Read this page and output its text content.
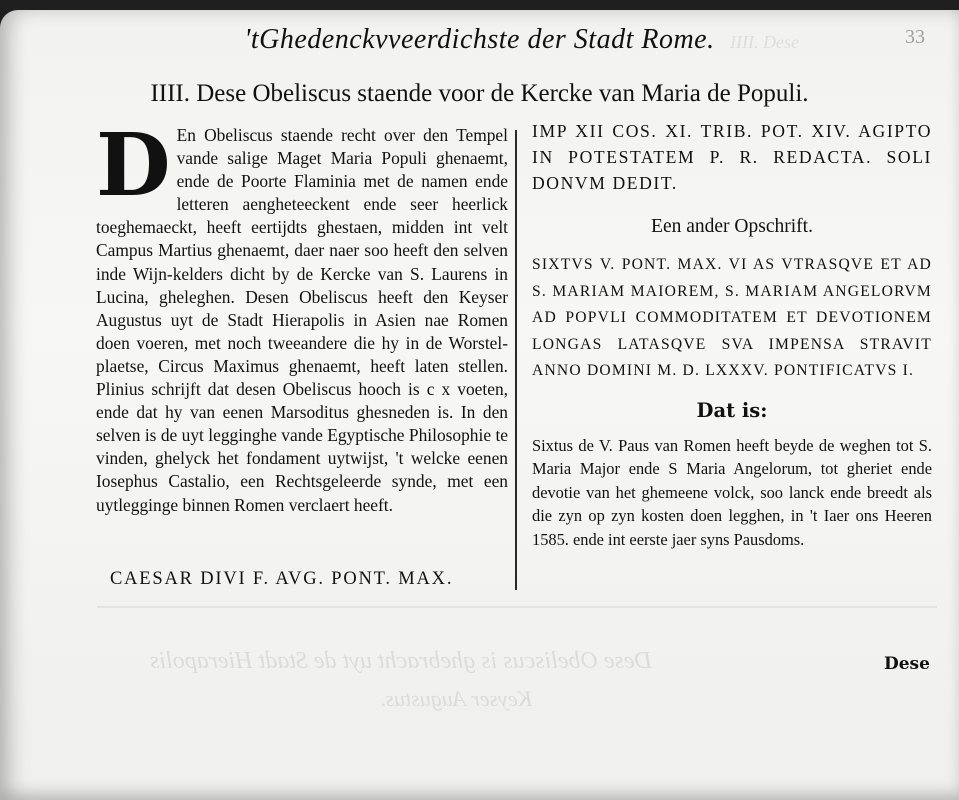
IIII. Dese
Dese Obeliscus is ghebracht uyt de Stadt Hierapolis
Keyser Augustus.
'tGhedenckvveerdichste der Stadt Rome.	33
IIII. Dese Obeliscus staende voor de Kercke van Maria de Populi.
D En Obeliscus staende recht over den Tempel vande salige Maget Maria Populi ghenaemt, ende de Poorte Flaminia met de namen ende letteren aengheteeckent ende seer heerlick toeghemaeckt, heeft eertijdts ghestaen, midden int velt Campus Martius ghenaemt, daer naer soo heeft den selven inde Wijn-kelders dicht by de Kercke van S. Laurens in Lucina, gheleghen. Desen Obeliscus heeft den Keyser Augustus uyt de Stadt Hierapolis in Asien nae Romen doen voeren, met noch tweeandere die hy in de Worstel-plaetse, Circus Maximus ghenaemt, heeft laten stellen. Plinius schrijft dat desen Obeliscus hooch is c x voeten, ende dat hy van eenen Marsoditus ghesneden is. In den selven is de uyt legginghe vande Egyptische Philosophie te vinden, ghelyck het fondament uytwijst, 't welcke eenen Iosephus Castalio, een Rechtsgeleerde synde, met een uytlegginge binnen Romen verclaert heeft.

CAESAR DIVI F. AVG. PONT. MAX.

IMP XII COS. XI. TRIB. POT. XIV. AGIPTO IN POTESTATEM P. R. REDACTA. SOLI DONVM DEDIT.

Een ander Opschrift.

SIXTVS V. PONT. MAX. VI AS VTRASQVE ET AD S. MARIAM MAIOREM, S. MARIAM ANGELORVM AD POPVLI COMMODITATEM ET DEVOTIONEM LONGAS LATASQVE SVA IMPENSA STRAVIT ANNO DOMINI M. D. LXXXV. PONTIFICATVS I.

Dat is:

Sixtus de V. Paus van Romen heeft beyde de weghen tot S. Maria Major ende S Maria Angelorum, tot gheriet ende devotie van het ghemeene volck, soo lanck ende breedt als die zyn op zyn kosten doen legghen, in 't Iaer ons Heeren 1585. ende int eerste jaer syns Pausdoms.

Dese
